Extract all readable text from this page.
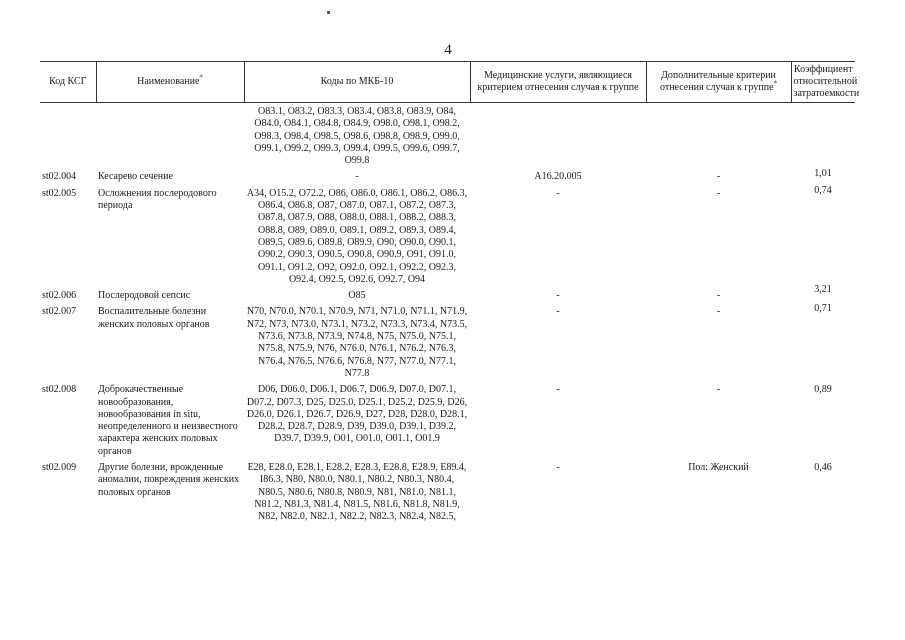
4
Код КСГ	Наименование*	Коды по МКБ-10	Медицинские услуги, являющиеся критерием отнесения случая к группе	Дополнительные критерии отнесения случая к группе*	Коэффициент относительной затратоемкости
		O83.1, O83.2, O83.3, O83.4, O83.8, O83.9, O84, O84.0, O84.1, O84.8, O84.9, O98.0, O98.1, O98.2, O98.3, O98.4, O98.5, O98.6, O98.8, O98.9, O99.0, O99.1, O99.2, O99.3, O99.4, O99.5, O99.6, O99.7, O99.8			
st02.004	Кесарево сечение	-	A16.20.005	-	1,01
st02.005	Осложнения послеродового периода	A34, O15.2, O72.2, O86, O86.0, O86.1, O86.2, O86.3, O86.4, O86.8, O87, O87.0, O87.1, O87.2, O87.3, O87.8, O87.9, O88, O88.0, O88.1, O88.2, O88.3, O88.8, O89, O89.0, O89.1, O89.2, O89.3, O89.4, O89.5, O89.6, O89.8, O89.9, O90, O90.0, O90.1, O90.2, O90.3, O90.5, O90.8, O90.9, O91, O91.0, O91.1, O91.2, O92, O92.0, O92.1, O92.2, O92.3, O92.4, O92.5, O92.6, O92.7, O94	-	-	0,74
st02.006	Послеродовой сепсис	O85	-	-	3,21
st02.007	Воспалительные болезни женских половых органов	N70, N70.0, N70.1, N70.9, N71, N71.0, N71.1, N71.9, N72, N73, N73.0, N73.1, N73.2, N73.3, N73.4, N73.5, N73.6, N73.8, N73.9, N74.8, N75, N75.0, N75.1, N75.8, N75.9, N76, N76.0, N76.1, N76.2, N76.3, N76.4, N76.5, N76.6, N76.8, N77, N77.0, N77.1, N77.8	-	-	0,71
st02.008	Доброкачественные новообразования, новообразования in situ, неопределенного и неизвестного характера женских половых органов	D06, D06.0, D06.1, D06.7, D06.9, D07.0, D07.1, D07.2, D07.3, D25, D25.0, D25.1, D25.2, D25.9, D26, D26.0, D26.1, D26.7, D26.9, D27, D28, D28.0, D28.1, D28.2, D28.7, D28.9, D39, D39.0, D39.1, D39.2, D39.7, D39.9, O01, O01.0, O01.1, O01.9	-	-	0,89
st02.009	Другие болезни, врожденные аномалии, повреждения женских половых органов	E28, E28.0, E28.1, E28.2, E28.3, E28.8, E28.9, E89.4, I86.3, N80, N80.0, N80.1, N80.2, N80.3, N80.4, N80.5, N80.6, N80.8, N80.9, N81, N81.0, N81.1, N81.2, N81.3, N81.4, N81.5, N81.6, N81.8, N81.9, N82, N82.0, N82.1, N82.2, N82.3, N82.4, N82.5,	-	Пол: Женский	0,46
